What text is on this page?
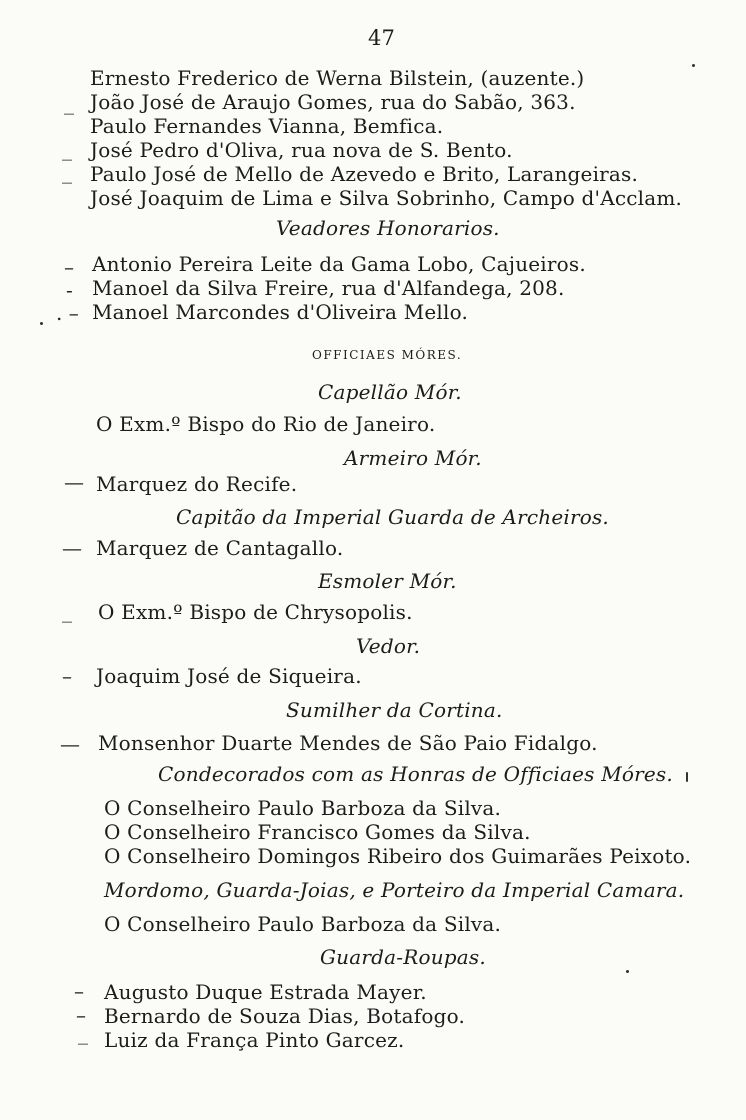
47
_
_
_
–
-
. –
—
—
_
–
—
–
–
_
Ernesto Frederico de Werna Bilstein, (auzente.)
João José de Araujo Gomes, rua do Sabão, 363.
Paulo Fernandes Vianna, Bemfica.
José Pedro d'Oliva, rua nova de S. Bento.
Paulo José de Mello de Azevedo e Brito, Larangeiras.
José Joaquim de Lima e Silva Sobrinho, Campo d'Acclam.
Veadores Honorarios.
Antonio Pereira Leite da Gama Lobo, Cajueiros.
Manoel da Silva Freire, rua d'Alfandega, 208.
Manoel Marcondes d'Oliveira Mello.
OFFICIAES MÓRES.
Capellão Mór.
O Exm.º Bispo do Rio de Janeiro.
Armeiro Mór.
Marquez do Recife.
Capitão da Imperial Guarda de Archeiros.
Marquez de Cantagallo.
Esmoler Mór.
O Exm.º Bispo de Chrysopolis.
Vedor.
Joaquim José de Siqueira.
Sumilher da Cortina.
Monsenhor Duarte Mendes de São Paio Fidalgo.
Condecorados com as Honras de Officiaes Móres.
O Conselheiro Paulo Barboza da Silva.
O Conselheiro Francisco Gomes da Silva.
O Conselheiro Domingos Ribeiro dos Guimarães Peixoto.
Mordomo, Guarda-Joias, e Porteiro da Imperial Camara.
O Conselheiro Paulo Barboza da Silva.
Guarda-Roupas.
Augusto Duque Estrada Mayer.
Bernardo de Souza Dias, Botafogo.
Luiz da França Pinto Garcez.
